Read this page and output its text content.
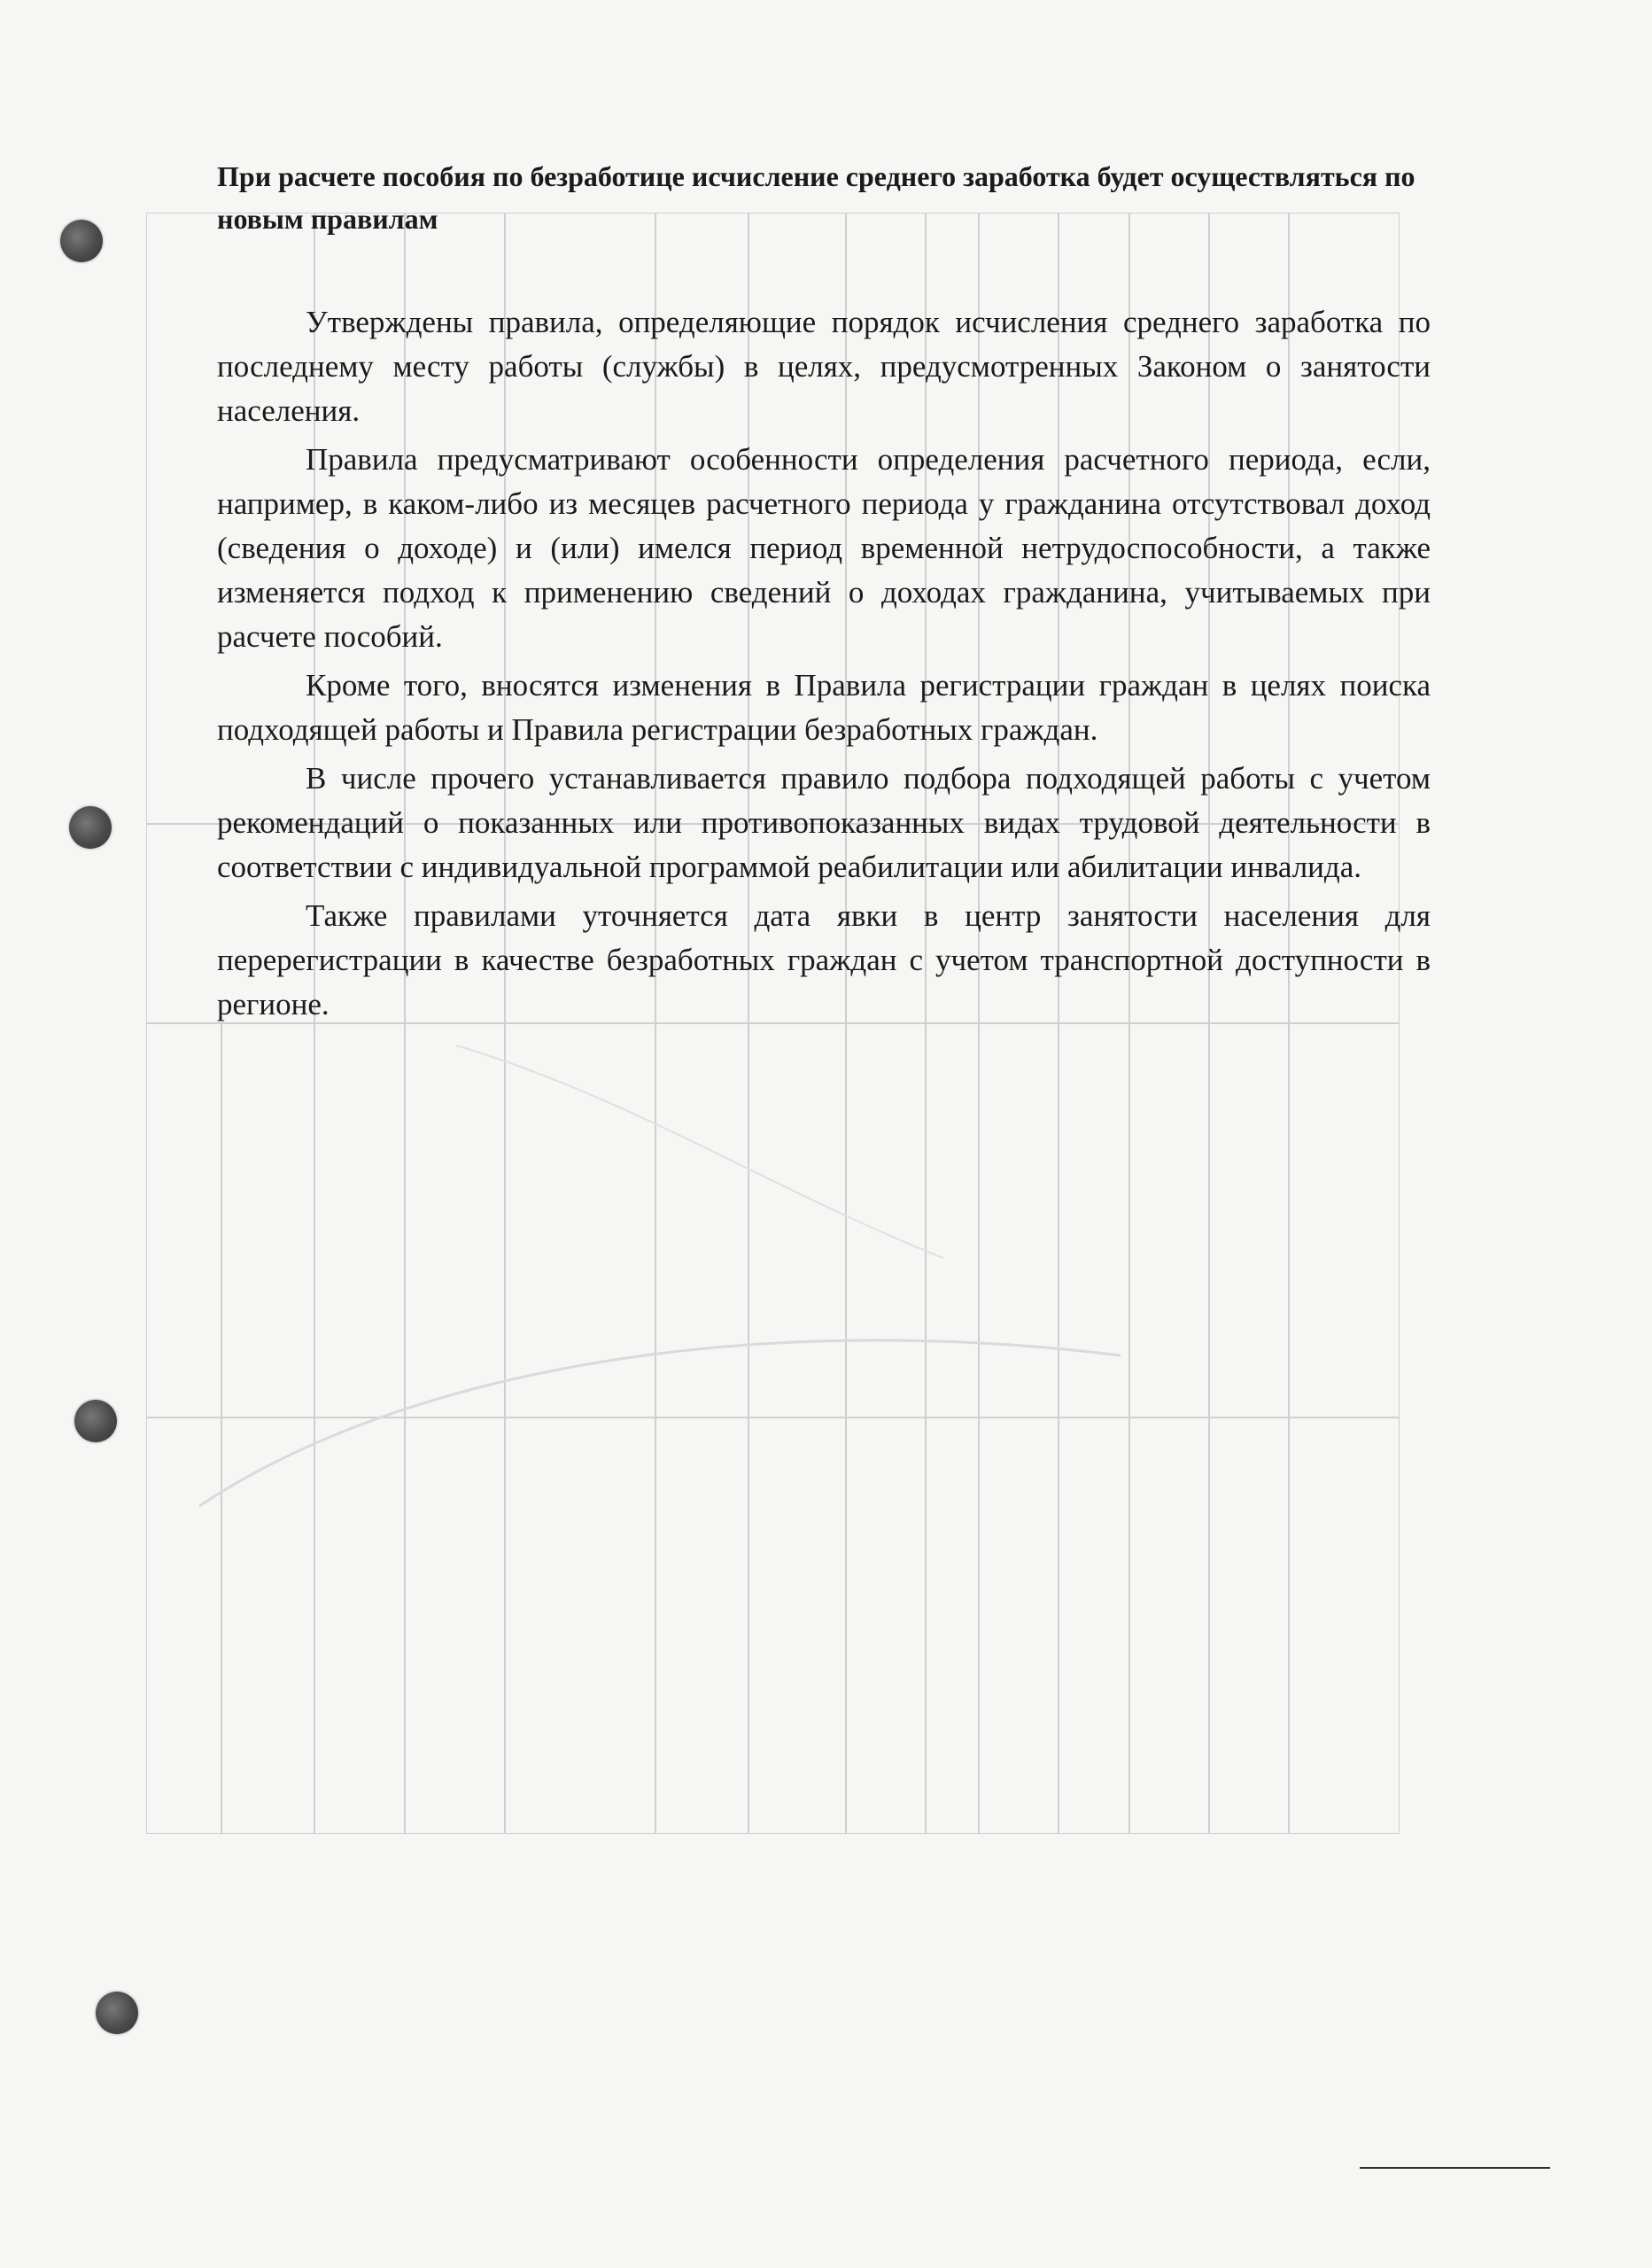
При расчете пособия по безработице исчисление среднего заработка будет осуществляться по новым правилам

Утверждены правила, определяющие порядок исчисления среднего заработка по последнему месту работы (службы) в целях, предусмотренных Законом о занятости населения.

Правила предусматривают особенности определения расчетного периода, если, например, в каком-либо из месяцев расчетного периода у гражданина отсутствовал доход (сведения о доходе) и (или) имелся период временной нетрудоспособности, а также изменяется подход к применению сведений о доходах гражданина, учитываемых при расчете пособий.

Кроме того, вносятся изменения в Правила регистрации граждан в целях поиска подходящей работы и Правила регистрации безработных граждан.

В числе прочего устанавливается правило подбора подходящей работы с учетом рекомендаций о показанных или противопоказанных видах трудовой деятельности в соответствии с индивидуальной программой реабилитации или абилитации инвалида.

Также правилами уточняется дата явки в центр занятости населения для перерегистрации в качестве безработных граждан с учетом транспортной доступности в регионе.
